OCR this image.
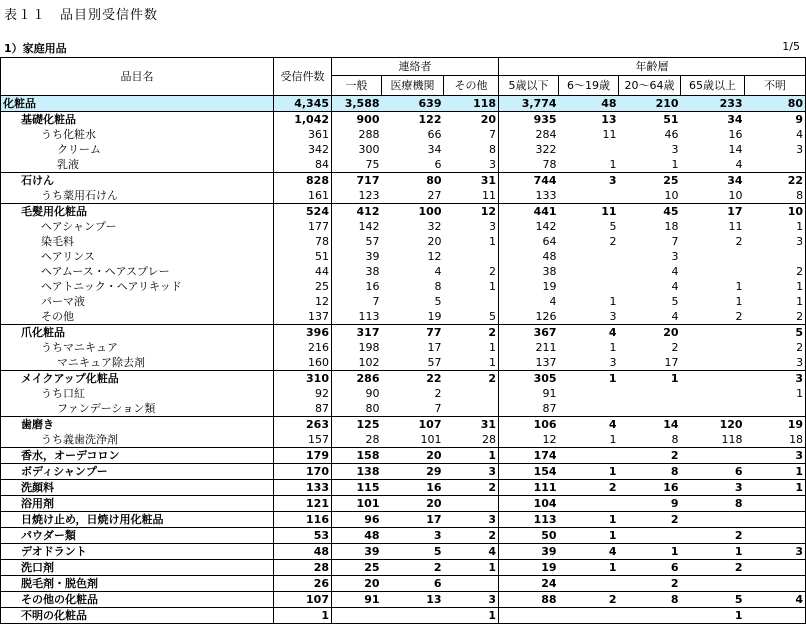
表１１　品目別受信件数
1）家庭用品	1/5
品目名	受信件数	連絡者			年齢層				
		一般	医療機関	その他	5歳以下	6～19歳	20～64歳	65歳以上	不明
化粧品	4,345	3,588	639	118	3,774	48	210	233	80
基礎化粧品	1,042	900	122	20	935	13	51	34	9
うち化粧水	361	288	66	7	284	11	46	16	4
クリーム	342	300	34	8	322		3	14	3
乳液	84	75	6	3	78	1	1	4	
石けん	828	717	80	31	744	3	25	34	22
うち薬用石けん	161	123	27	11	133		10	10	8
毛髪用化粧品	524	412	100	12	441	11	45	17	10
ヘアシャンプー	177	142	32	3	142	5	18	11	1
染毛料	78	57	20	1	64	2	7	2	3
ヘアリンス	51	39	12		48		3		
ヘアムース・ヘアスプレー	44	38	4	2	38		4		2
ヘアトニック・ヘアリキッド	25	16	8	1	19		4	1	1
パーマ液	12	7	5		4	1	5	1	1
その他	137	113	19	5	126	3	4	2	2
爪化粧品	396	317	77	2	367	4	20		5
うちマニキュア	216	198	17	1	211	1	2		2
マニキュア除去剤	160	102	57	1	137	3	17		3
メイクアップ化粧品	310	286	22	2	305	1	1		3
うち口紅	92	90	2		91				1
ファンデーション類	87	80	7		87				
歯磨き	263	125	107	31	106	4	14	120	19
うち義歯洗浄剤	157	28	101	28	12	1	8	118	18
香水，オーデコロン	179	158	20	1	174		2		3
ボディシャンプー	170	138	29	3	154	1	8	6	1
洗顔料	133	115	16	2	111	2	16	3	1
浴用剤	121	101	20		104		9	8	
日焼け止め，日焼け用化粧品	116	96	17	3	113	1	2		
パウダー類	53	48	3	2	50	1		2	
デオドラント	48	39	5	4	39	4	1	1	3
洗口剤	28	25	2	1	19	1	6	2	
脱毛剤・脱色剤	26	20	6		24		2		
その他の化粧品	107	91	13	3	88	2	8	5	4
不明の化粧品	1			1				1	
